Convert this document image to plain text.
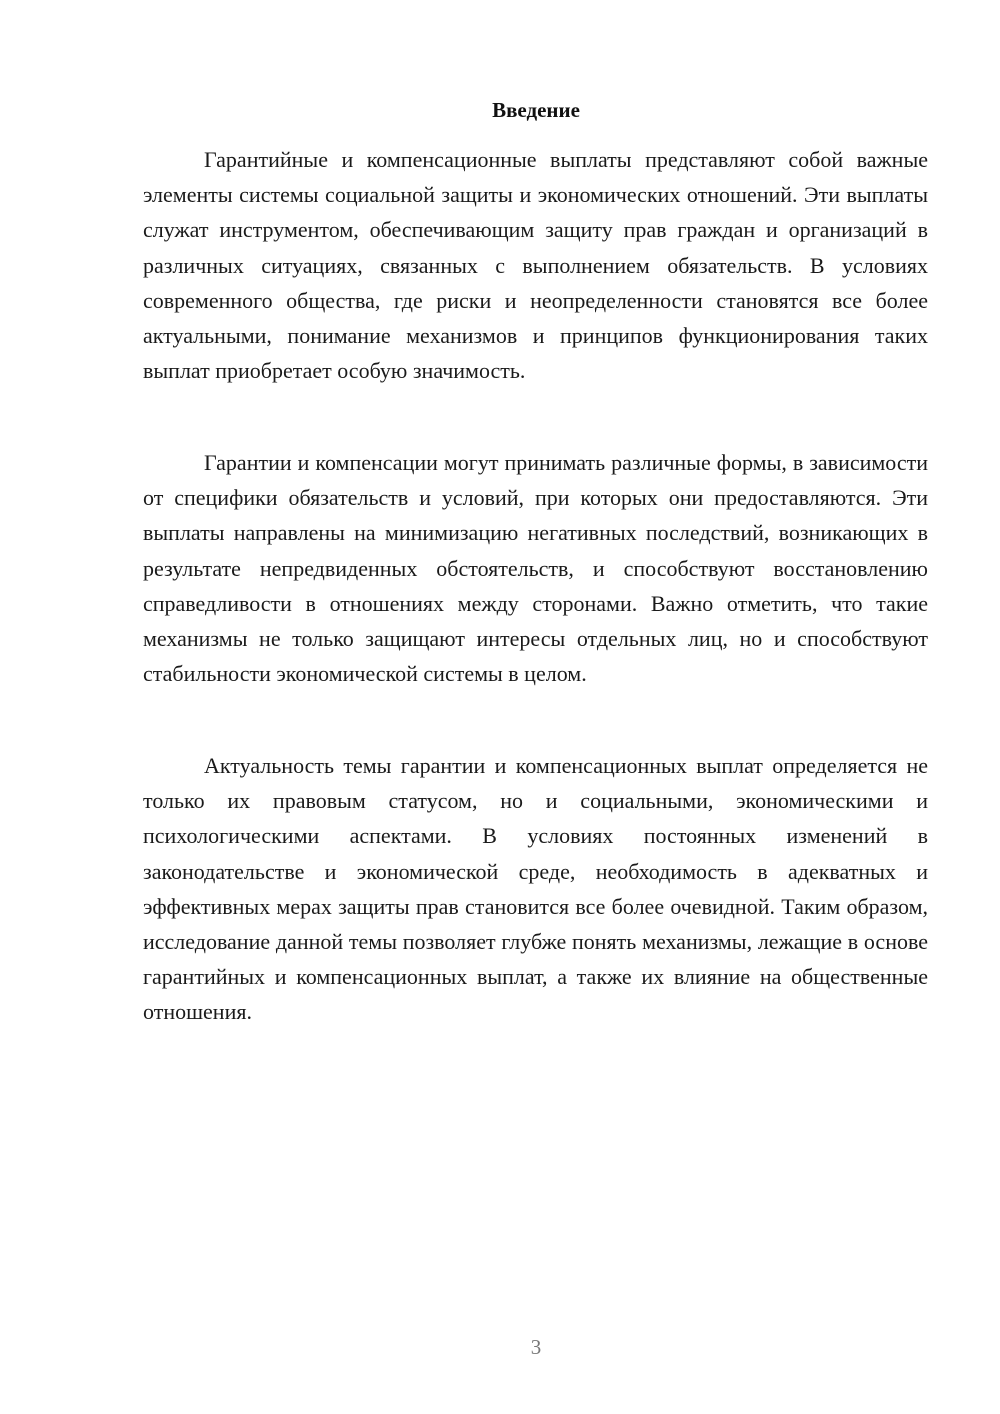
Введение

Гарантийные и компенсационные выплаты представляют собой важные элементы системы социальной защиты и экономических отношений. Эти выплаты служат инструментом, обеспечивающим защиту прав граждан и организаций в различных ситуациях, связанных с выполнением обязательств. В условиях современного общества, где риски и неопределенности становятся все более актуальными, понимание механизмов и принципов функционирования таких выплат приобретает особую значимость.

Гарантии и компенсации могут принимать различные формы, в зависимости от специфики обязательств и условий, при которых они предоставляются. Эти выплаты направлены на минимизацию негативных последствий, возникающих в результате непредвиденных обстоятельств, и способствуют восстановлению справедливости в отношениях между сторонами. Важно отметить, что такие механизмы не только защищают интересы отдельных лиц, но и способствуют стабильности экономической системы в целом.

Актуальность темы гарантии и компенсационных выплат определяется не только их правовым статусом, но и социальными, экономическими и психологическими аспектами. В условиях постоянных изменений в законодательстве и экономической среде, необходимость в адекватных и эффективных мерах защиты прав становится все более очевидной. Таким образом, исследование данной темы позволяет глубже понять механизмы, лежащие в основе гарантийных и компенсационных выплат, а также их влияние на общественные отношения.

3
